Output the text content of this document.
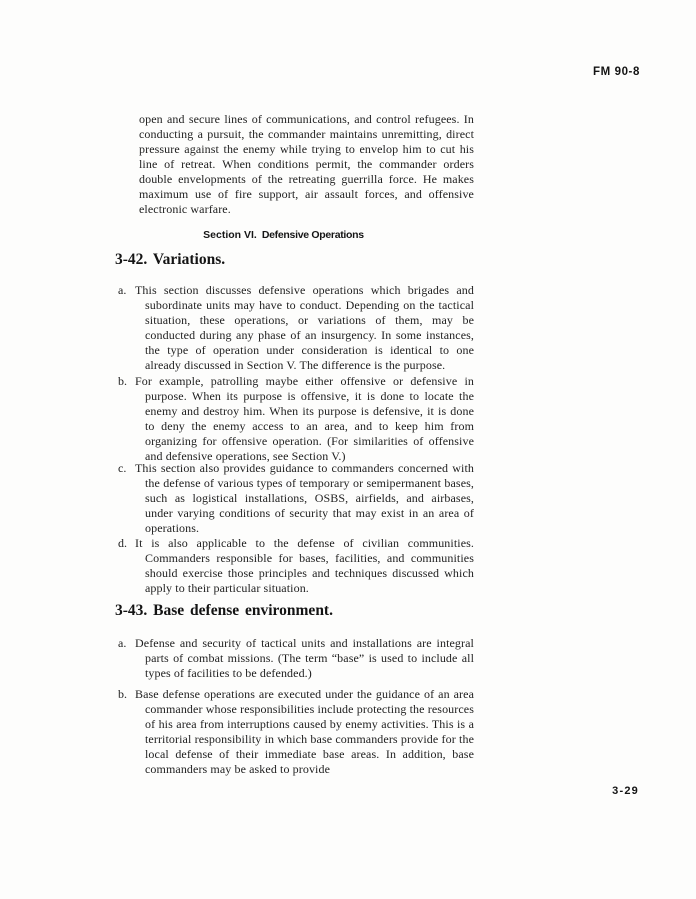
FM 90-8

open and secure lines of communications, and control refugees. In conducting a pursuit, the commander maintains unremitting, direct pressure against the enemy while trying to envelop him to cut his line of retreat. When conditions permit, the commander orders double envelopments of the retreating guerrilla force. He makes maximum use of fire support, air assault forces, and offensive electronic warfare.

Section VI. Defensive Operations

3-42. Variations.

a. This section discusses defensive operations which brigades and subordinate units may have to conduct. Depending on the tactical situation, these operations, or variations of them, may be conducted during any phase of an insurgency. In some instances, the type of operation under consideration is identical to one already discussed in Section V. The difference is the purpose.

b. For example, patrolling maybe either offensive or defensive in purpose. When its purpose is offensive, it is done to locate the enemy and destroy him. When its purpose is defensive, it is done to deny the enemy access to an area, and to keep him from organizing for offensive operation. (For similarities of offensive and defensive operations, see Section V.)

c. This section also provides guidance to commanders concerned with the defense of various types of temporary or semipermanent bases, such as logistical installations, OSBS, airfields, and airbases, under varying conditions of security that may exist in an area of operations.

d. It is also applicable to the defense of civilian communities. Commanders responsible for bases, facilities, and communities should exercise those principles and techniques discussed which apply to their particular situation.

3-43. Base defense environment.

a. Defense and security of tactical units and installations are integral parts of combat missions. (The term “base” is used to include all types of facilities to be defended.)

b. Base defense operations are executed under the guidance of an area commander whose responsibilities include protecting the resources of his area from interruptions caused by enemy activities. This is a territorial responsibility in which base commanders provide for the local defense of their immediate base areas. In addition, base commanders may be asked to provide

3-29
